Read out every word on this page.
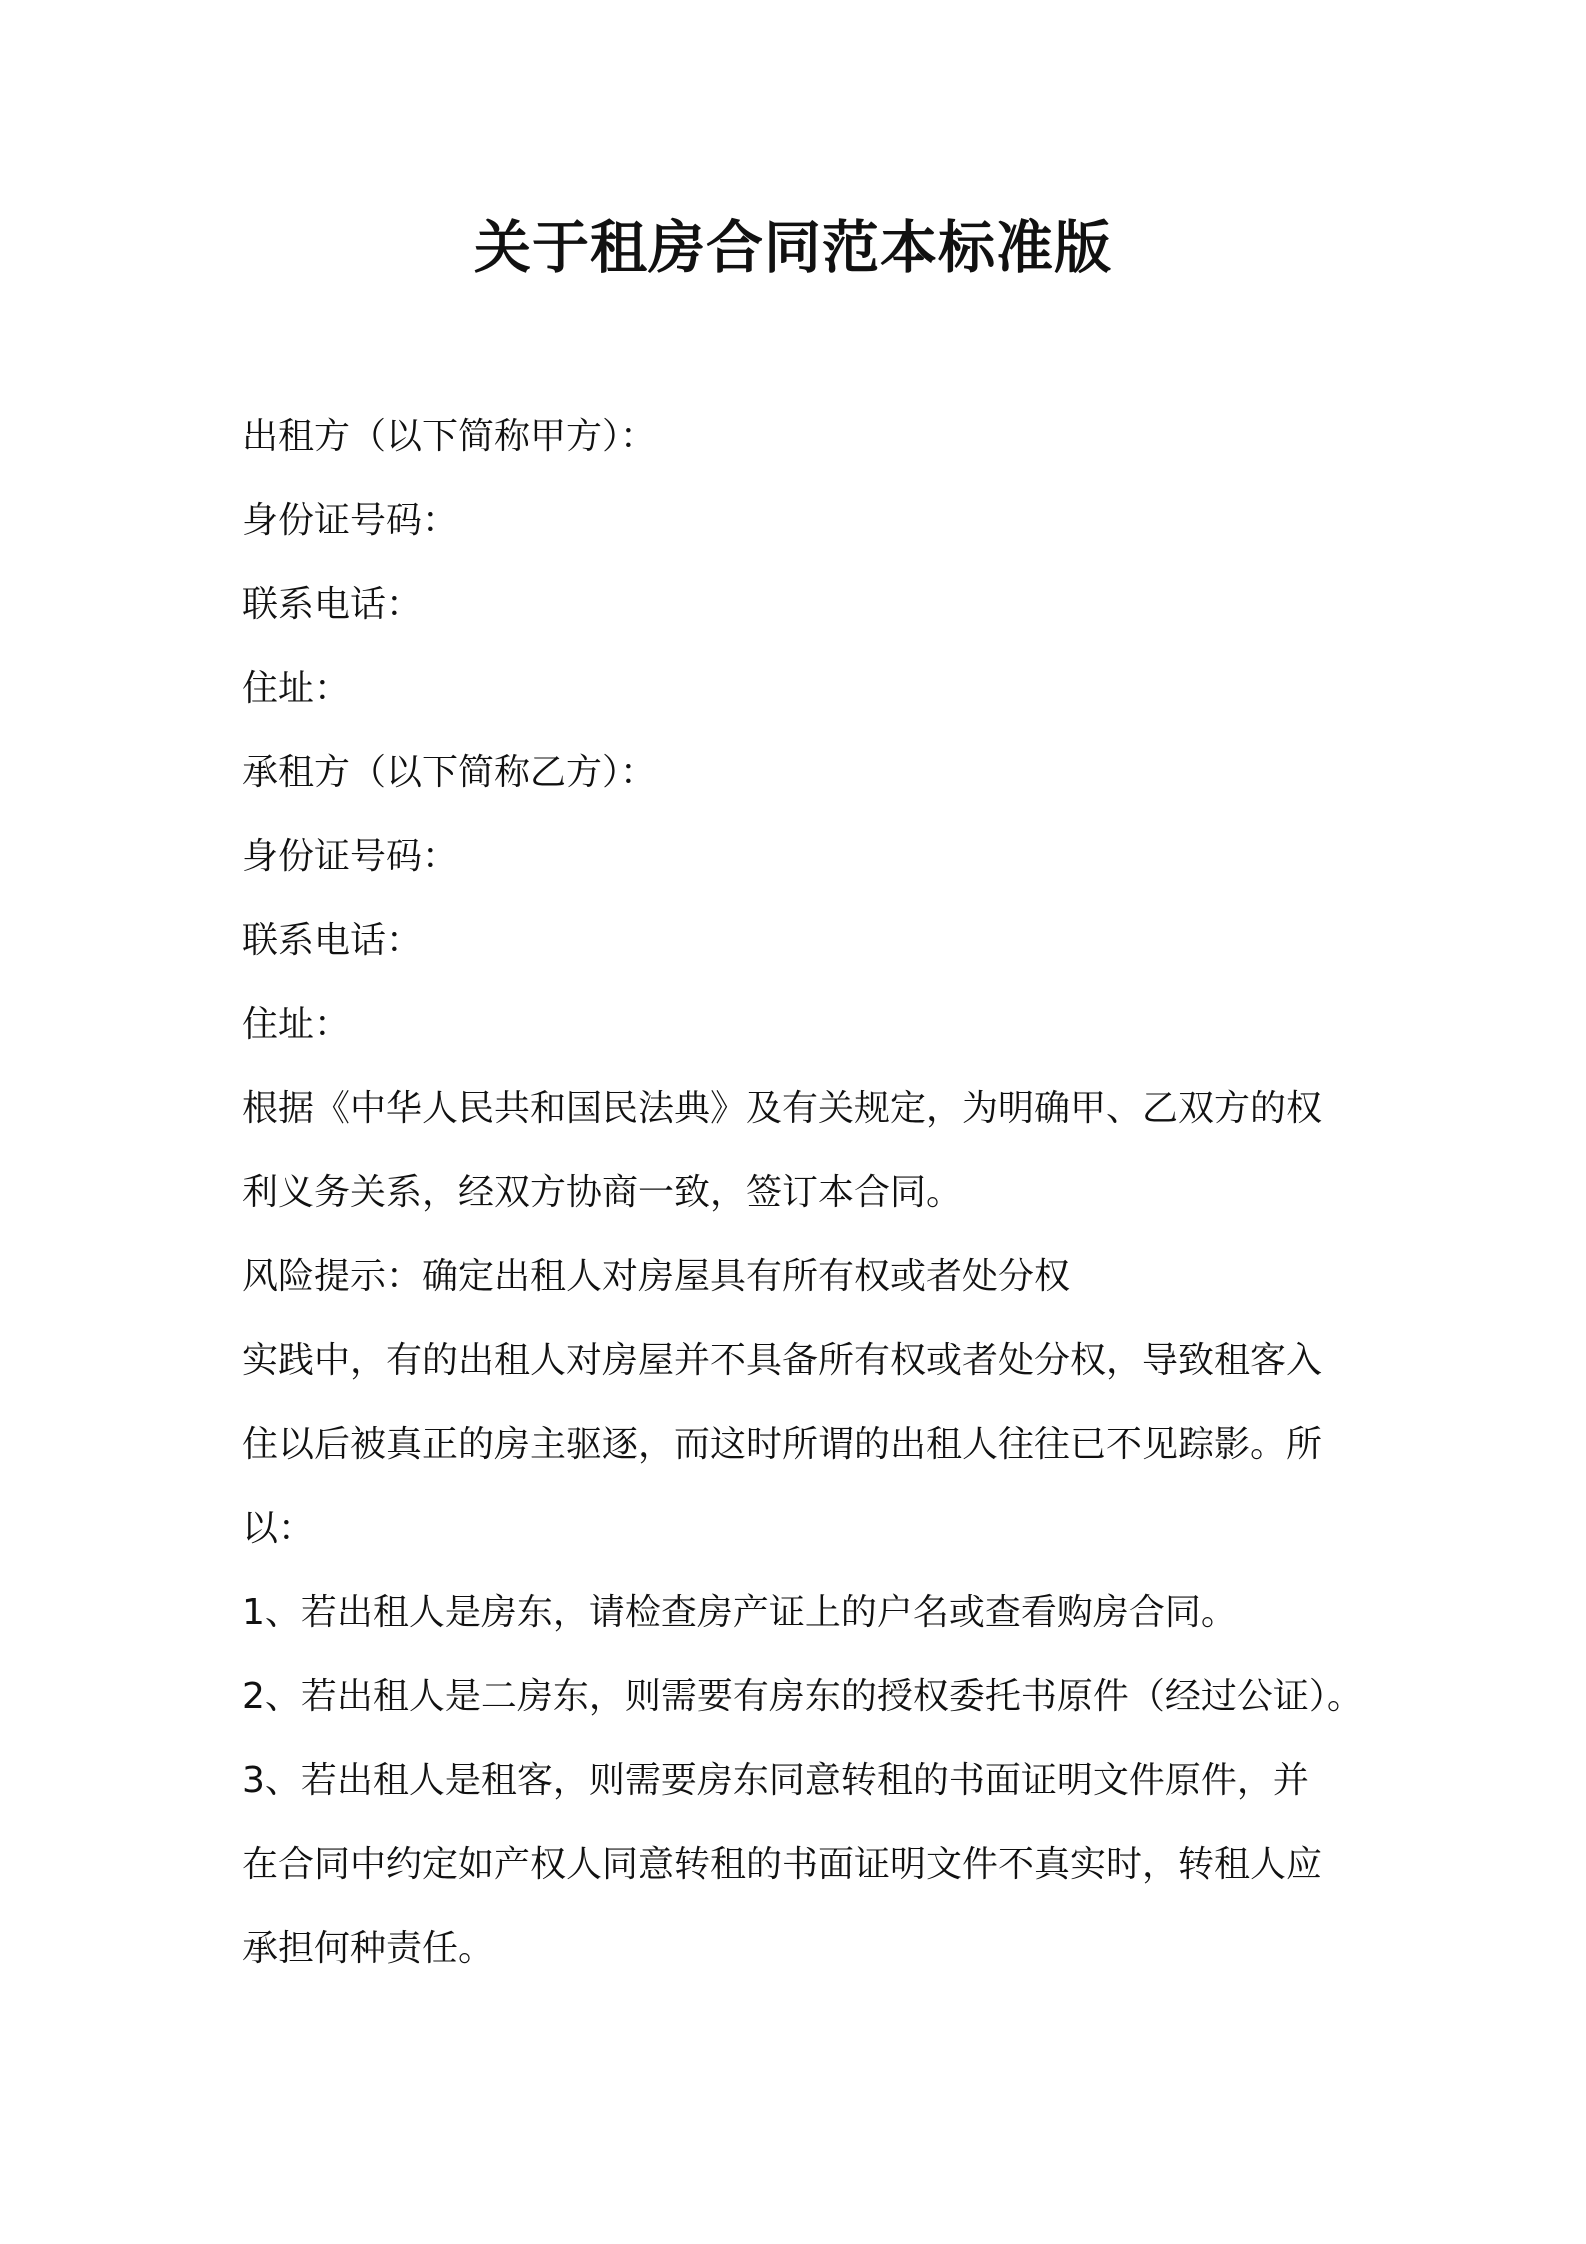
关于租房合同范本标准版
出租方（以下简称甲方）：
身份证号码：
联系电话：
住址：
承租方（以下简称乙方）：
身份证号码：
联系电话：
住址：
根据《中华人民共和国民法典》及有关规定，为明确甲、乙双方的权
利义务关系，经双方协商一致，签订本合同。
风险提示：确定出租人对房屋具有所有权或者处分权
实践中，有的出租人对房屋并不具备所有权或者处分权，导致租客入
住以后被真正的房主驱逐，而这时所谓的出租人往往已不见踪影。所
以：
1、若出租人是房东，请检查房产证上的户名或查看购房合同。
2、若出租人是二房东，则需要有房东的授权委托书原件（经过公证）。
3、若出租人是租客，则需要房东同意转租的书面证明文件原件，并
在合同中约定如产权人同意转租的书面证明文件不真实时，转租人应
承担何种责任。
